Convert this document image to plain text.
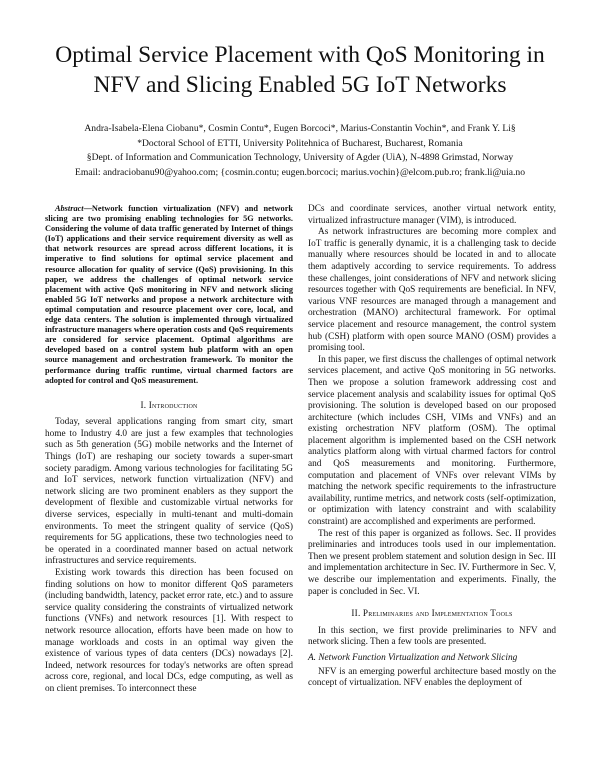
Optimal Service Placement with QoS Monitoring in
NFV and Slicing Enabled 5G IoT Networks
Andra-Isabela-Elena Ciobanu*, Cosmin Contu*, Eugen Borcoci*, Marius-Constantin Vochin*, and Frank Y. Li§
*Doctoral School of ETTI, University Politehnica of Bucharest, Bucharest, Romania
§Dept. of Information and Communication Technology, University of Agder (UiA), N-4898 Grimstad, Norway
Email: andraciobanu90@yahoo.com; {cosmin.contu; eugen.borcoci; marius.vochin}@elcom.pub.ro; frank.li@uia.no

Abstract—Network function virtualization (NFV) and network slicing are two promising enabling technologies for 5G networks. Considering the volume of data traffic generated by Internet of things (IoT) applications and their service requirement diversity as well as that network resources are spread across different locations, it is imperative to find solutions for optimal service placement and resource allocation for quality of service (QoS) provisioning. In this paper, we address the challenges of optimal network service placement with active QoS monitoring in NFV and network slicing enabled 5G IoT networks and propose a network architecture with optimal computation and resource placement over core, local, and edge data centers. The solution is implemented through virtualized infrastructure managers where operation costs and QoS requirements are considered for service placement. Optimal algorithms are developed based on a control system hub platform with an open source management and orchestration framework. To monitor the performance during traffic runtime, virtual charmed factors are adopted for control and QoS measurement.

I. Introduction

Today, several applications ranging from smart city, smart home to Industry 4.0 are just a few examples that technologies such as 5th generation (5G) mobile networks and the Internet of Things (IoT) are reshaping our society towards a super-smart society paradigm. Among various technologies for facilitating 5G and IoT services, network function virtualization (NFV) and network slicing are two prominent enablers as they support the development of flexible and customizable virtual networks for diverse services, especially in multi-tenant and multi-domain environments. To meet the stringent quality of service (QoS) requirements for 5G applications, these two technologies need to be operated in a coordinated manner based on actual network infrastructures and service requirements.

Existing work towards this direction has been focused on finding solutions on how to monitor different QoS parameters (including bandwidth, latency, packet error rate, etc.) and to assure service quality considering the constraints of virtualized network functions (VNFs) and network resources [1]. With respect to network resource allocation, efforts have been made on how to manage workloads and costs in an optimal way given the existence of various types of data centers (DCs) nowadays [2]. Indeed, network resources for today's networks are often spread across core, regional, and local DCs, edge computing, as well as on client premises. To interconnect these

DCs and coordinate services, another virtual network entity, virtualized infrastructure manager (VIM), is introduced.

As network infrastructures are becoming more complex and IoT traffic is generally dynamic, it is a challenging task to decide manually where resources should be located in and to allocate them adaptively according to service requirements. To address these challenges, joint considerations of NFV and network slicing resources together with QoS requirements are beneficial. In NFV, various VNF resources are managed through a management and orchestration (MANO) architectural framework. For optimal service placement and resource management, the control system hub (CSH) platform with open source MANO (OSM) provides a promising tool.

In this paper, we first discuss the challenges of optimal network services placement, and active QoS monitoring in 5G networks. Then we propose a solution framework addressing cost and service placement analysis and scalability issues for optimal QoS provisioning. The solution is developed based on our proposed architecture (which includes CSH, VIMs and VNFs) and an existing orchestration NFV platform (OSM). The optimal placement algorithm is implemented based on the CSH network analytics platform along with virtual charmed factors for control and QoS measurements and monitoring. Furthermore, computation and placement of VNFs over relevant VIMs by matching the network specific requirements to the infrastructure availability, runtime metrics, and network costs (self-optimization, or optimization with latency constraint and with scalability constraint) are accomplished and experiments are performed.

The rest of this paper is organized as follows. Sec. II provides preliminaries and introduces tools used in our implementation. Then we present problem statement and solution design in Sec. III and implementation architecture in Sec. IV. Furthermore in Sec. V, we describe our implementation and experiments. Finally, the paper is concluded in Sec. VI.

II. Preliminaries and Implementation Tools

In this section, we first provide preliminaries to NFV and network slicing. Then a few tools are presented.

A. Network Function Virtualization and Network Slicing

NFV is an emerging powerful architecture based mostly on the concept of virtualization. NFV enables the deployment of
